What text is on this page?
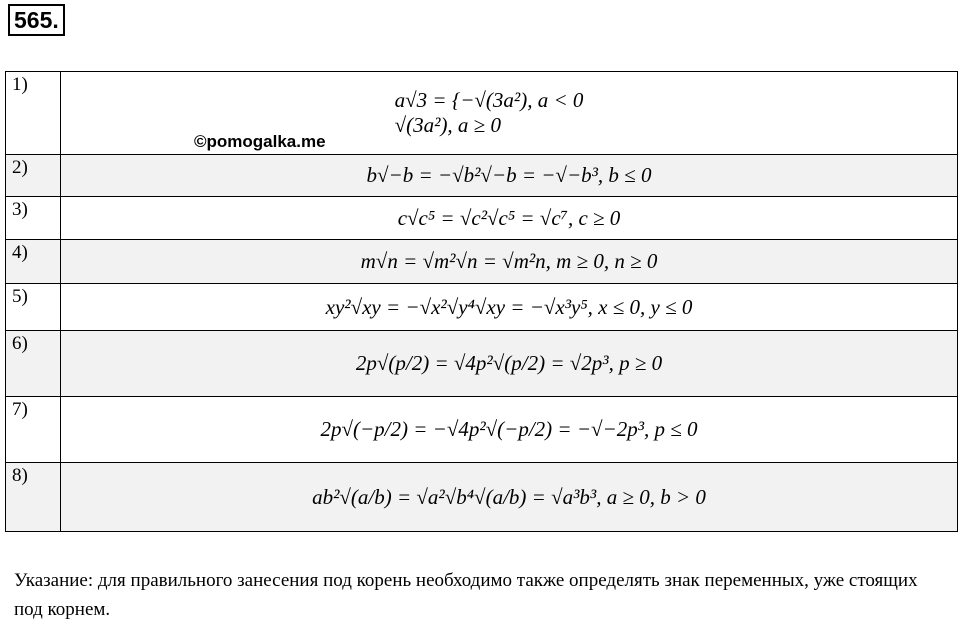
565.
1)	a√3 = {−√(3a²), a < 0
√(3a²), a ≥ 0
©pomogalka.me

2)	b√−b = −√b²√−b = −√−b³, b ≤ 0
3)	c√c⁵ = √c²√c⁵ = √c⁷, c ≥ 0
4)	m√n = √m²√n = √m²n, m ≥ 0, n ≥ 0
5)	xy²√xy = −√x²√y⁴√xy = −√x³y⁵, x ≤ 0, y ≤ 0
6)	2p√(p/2) = √4p²√(p/2) = √2p³, p ≥ 0
7)	2p√(−p/2) = −√4p²√(−p/2) = −√−2p³, p ≤ 0
8)	ab²√(a/b) = √a²√b⁴√(a/b) = √a³b³, a ≥ 0, b > 0
Указание: для правильного занесения под корень необходимо также определять знак переменных, уже стоящих под корнем.
